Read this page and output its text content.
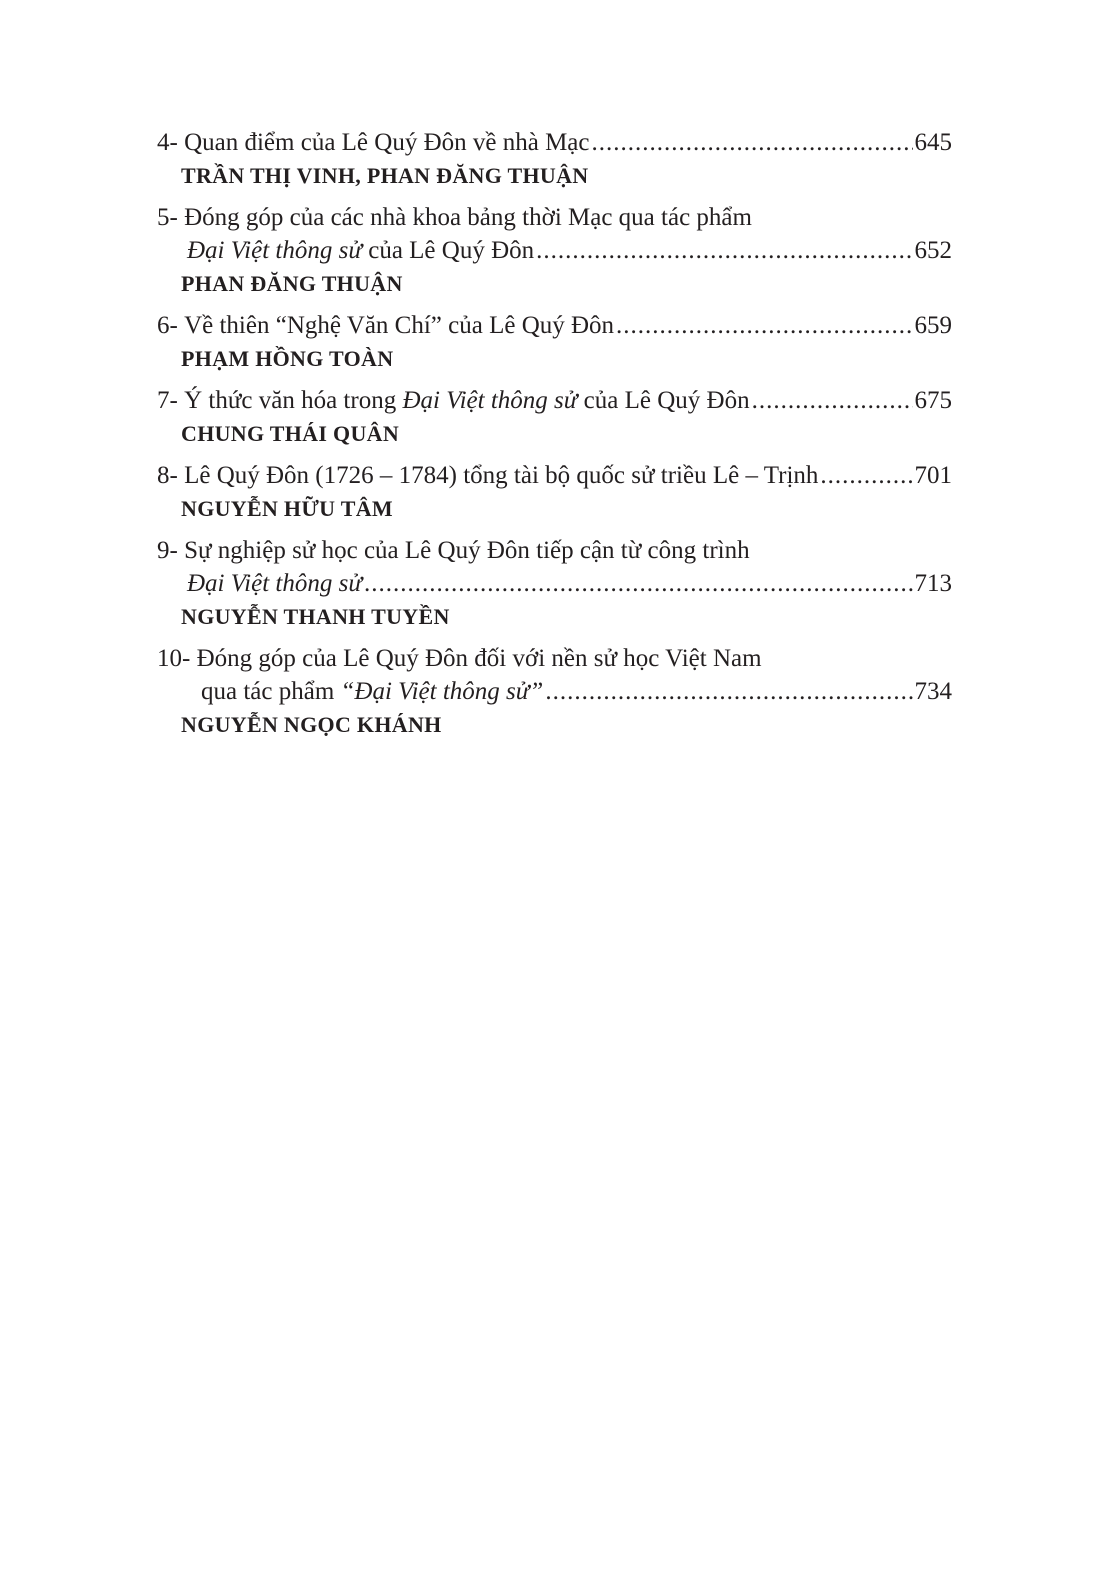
4-
Quan điểm của Lê Quý Đôn về nhà Mạc .....	645
TRẦN THỊ VINH, PHAN ĐĂNG THUẬN
5-
Đóng góp của các nhà khoa bảng thời Mạc qua tác phẩm
Đại Việt thông sử của Lê Quý Đôn .....	652
PHAN ĐĂNG THUẬN
6-
Về thiên “Nghệ Văn Chí” của Lê Quý Đôn .....	659
PHẠM HỒNG TOÀN
7-
Ý thức văn hóa trong Đại Việt thông sử của Lê Quý Đôn .....	675
CHUNG THÁI QUÂN
8-
Lê Quý Đôn (1726 – 1784) tổng tài bộ quốc sử triều Lê – Trịnh .....	701
NGUYỄN HỮU TÂM
9-
Sự nghiệp sử học của Lê Quý Đôn tiếp cận từ công trình
Đại Việt thông sử .....	713
NGUYỄN THANH TUYỀN
10-
Đóng góp của Lê Quý Đôn đối với nền sử học Việt Nam
qua tác phẩm “Đại Việt thông sử” .....	734
NGUYỄN NGỌC KHÁNH
